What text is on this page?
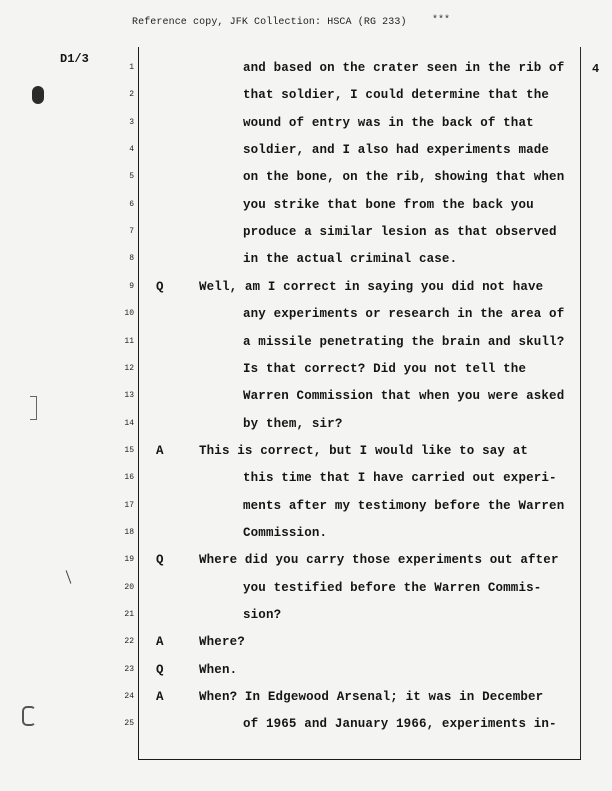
Reference copy, JFK Collection: HSCA (RG 233)	***
D1/3
4
1	and based on the crater seen in the rib of
2	that soldier, I could determine that the
3	wound of entry was in the back of that
4	soldier, and I also had experiments made
5	on the bone, on the rib, showing that when
6	you strike that bone from the back you
7	produce a similar lesion as that observed
8	in the actual criminal case.
9 Q	Well, am I correct in saying you did not have
10	any experiments or research in the area of
11	a missile penetrating the brain and skull?
12	Is that correct? Did you not tell the
13	Warren Commission that when you were asked
14	by them, sir?
15 A	This is correct, but I would like to say at
16	this time that I have carried out experi-
17	ments after my testimony before the Warren
18	Commission.
19 Q	Where did you carry those experiments out after
20	you testified before the Warren Commis-
21	sion?
22 A	Where?
23 Q	When.
24 A	When? In Edgewood Arsenal; it was in December
25	of 1965 and January 1966, experiments in-
